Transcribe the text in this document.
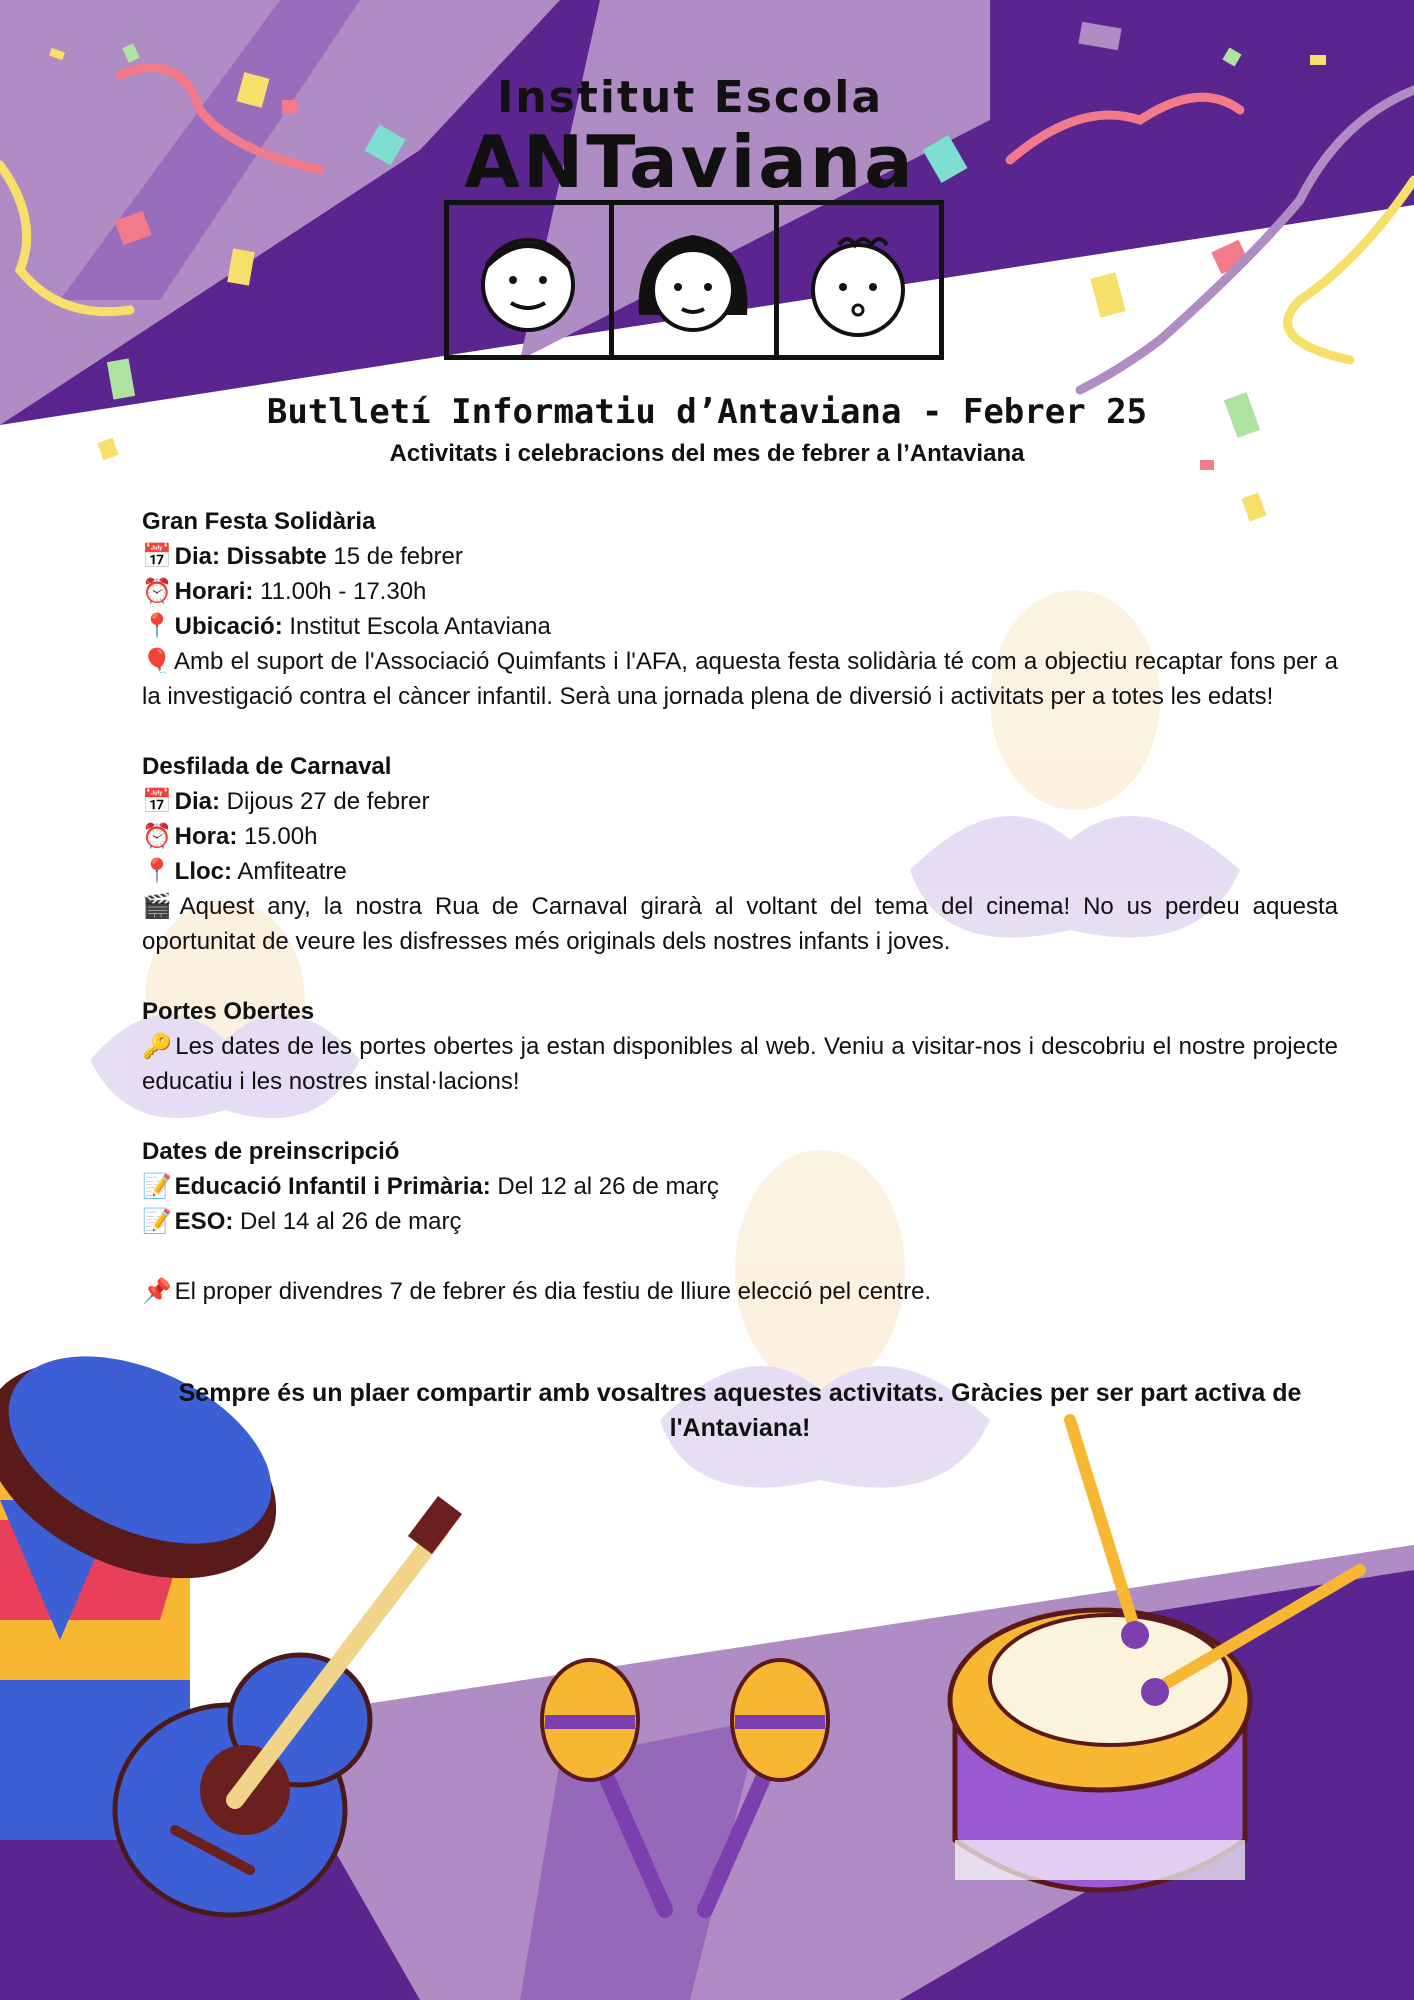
Institut Escola
ANTaviana
Butlletí Informatiu d’Antaviana - Febrer 25
Activitats i celebracions del mes de febrer a l’Antaviana

Gran Festa Solidària

📅 Dia: Dissabte 15 de febrer

⏰ Horari: 11.00h - 17.30h

📍 Ubicació: Institut Escola Antaviana

🎈 Amb el suport de l'Associació Quimfants i l'AFA, aquesta festa solidària té com a objectiu recaptar fons per a la investigació contra el càncer infantil. Serà una jornada plena de diversió i activitats per a totes les edats!

Desfilada de Carnaval

📅 Dia: Dijous 27 de febrer

⏰ Hora: 15.00h

📍 Lloc: Amfiteatre

🎬 Aquest any, la nostra Rua de Carnaval girarà al voltant del tema del cinema! No us perdeu aquesta oportunitat de veure les disfresses més originals dels nostres infants i joves.

Portes Obertes

🔑 Les dates de les portes obertes ja estan disponibles al web. Veniu a visitar-nos i descobriu el nostre projecte educatiu i les nostres instal·lacions!

Dates de preinscripció

📝 Educació Infantil i Primària: Del 12 al 26 de març

📝 ESO: Del 14 al 26 de març

📌 El proper divendres 7 de febrer és dia festiu de lliure elecció pel centre.

Sempre és un plaer compartir amb vosaltres aquestes activitats. Gràcies per ser part activa de l'Antaviana!
